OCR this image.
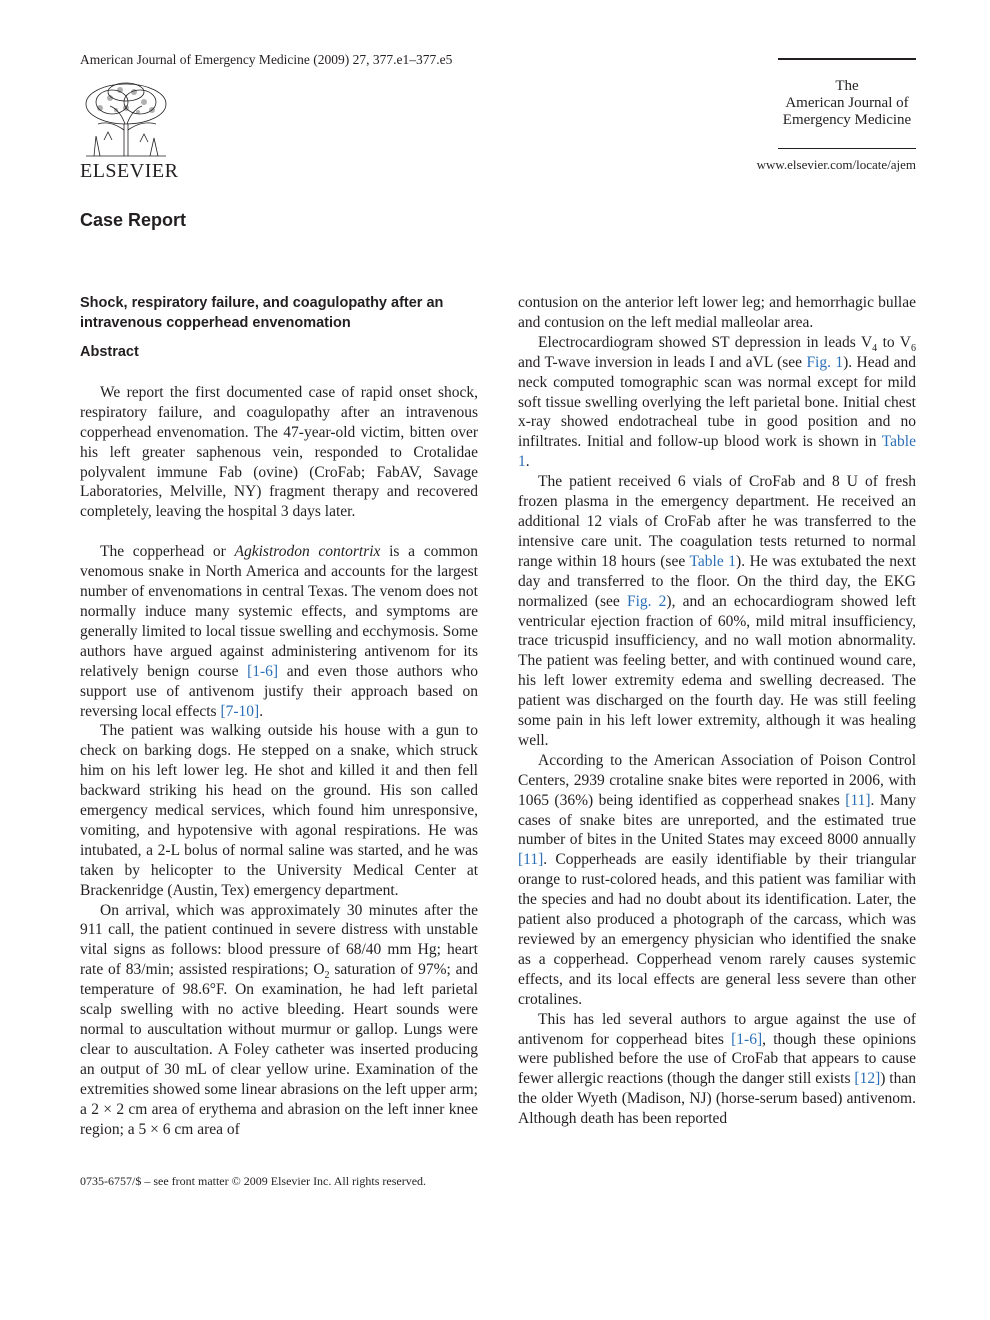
American Journal of Emergency Medicine (2009) 27, 377.e1–377.e5
ELSEVIER
The
American Journal of
Emergency Medicine
www.elsevier.com/locate/ajem
Case Report
Shock, respiratory failure, and coagulopathy after an intravenous copperhead envenomation
Abstract

We report the first documented case of rapid onset shock, respiratory failure, and coagulopathy after an intravenous copperhead envenomation. The 47-year-old victim, bitten over his left greater saphenous vein, responded to Crotalidae polyvalent immune Fab (ovine) (CroFab; FabAV, Savage Laboratories, Melville, NY) fragment therapy and recovered completely, leaving the hospital 3 days later.

The copperhead or Agkistrodon contortrix is a common venomous snake in North America and accounts for the largest number of envenomations in central Texas. The venom does not normally induce many systemic effects, and symptoms are generally limited to local tissue swelling and ecchymosis. Some authors have argued against administering antivenom for its relatively benign course [1-6] and even those authors who support use of antivenom justify their approach based on reversing local effects [7-10].

The patient was walking outside his house with a gun to check on barking dogs. He stepped on a snake, which struck him on his left lower leg. He shot and killed it and then fell backward striking his head on the ground. His son called emergency medical services, which found him unresponsive, vomiting, and hypotensive with agonal respirations. He was intubated, a 2-L bolus of normal saline was started, and he was taken by helicopter to the University Medical Center at Brackenridge (Austin, Tex) emergency department.

On arrival, which was approximately 30 minutes after the 911 call, the patient continued in severe distress with unstable vital signs as follows: blood pressure of 68/40 mm Hg; heart rate of 83/min; assisted respirations; $O_2$ saturation of 97%; and temperature of 98.6°F. On examination, he had left parietal scalp swelling with no active bleeding. Heart sounds were normal to auscultation without murmur or gallop. Lungs were clear to auscultation. A Foley catheter was inserted producing an output of 30 mL of clear yellow urine. Examination of the extremities showed some linear abrasions on the left upper arm; a 2 × 2 cm area of erythema and abrasion on the left inner knee region; a 5 × 6 cm area of

contusion on the anterior left lower leg; and hemorrhagic bullae and contusion on the left medial malleolar area.

Electrocardiogram showed ST depression in leads $V_4$ to $V_6$ and T-wave inversion in leads I and aVL (see Fig. 1). Head and neck computed tomographic scan was normal except for mild soft tissue swelling overlying the left parietal bone. Initial chest x-ray showed endotracheal tube in good position and no infiltrates. Initial and follow-up blood work is shown in Table 1.

The patient received 6 vials of CroFab and 8 U of fresh frozen plasma in the emergency department. He received an additional 12 vials of CroFab after he was transferred to the intensive care unit. The coagulation tests returned to normal range within 18 hours (see Table 1). He was extubated the next day and transferred to the floor. On the third day, the EKG normalized (see Fig. 2), and an echocardiogram showed left ventricular ejection fraction of 60%, mild mitral insufficiency, trace tricuspid insufficiency, and no wall motion abnormality. The patient was feeling better, and with continued wound care, his left lower extremity edema and swelling decreased. The patient was discharged on the fourth day. He was still feeling some pain in his left lower extremity, although it was healing well.

According to the American Association of Poison Control Centers, 2939 crotaline snake bites were reported in 2006, with 1065 (36%) being identified as copperhead snakes [11]. Many cases of snake bites are unreported, and the estimated true number of bites in the United States may exceed 8000 annually [11]. Copperheads are easily identifiable by their triangular orange to rust-colored heads, and this patient was familiar with the species and had no doubt about its identification. Later, the patient also produced a photograph of the carcass, which was reviewed by an emergency physician who identified the snake as a copperhead. Copperhead venom rarely causes systemic effects, and its local effects are general less severe than other crotalines.

This has led several authors to argue against the use of antivenom for copperhead bites [1-6], though these opinions were published before the use of CroFab that appears to cause fewer allergic reactions (though the danger still exists [12]) than the older Wyeth (Madison, NJ) (horse-serum based) antivenom. Although death has been reported

0735-6757/$ – see front matter © 2009 Elsevier Inc. All rights reserved.
